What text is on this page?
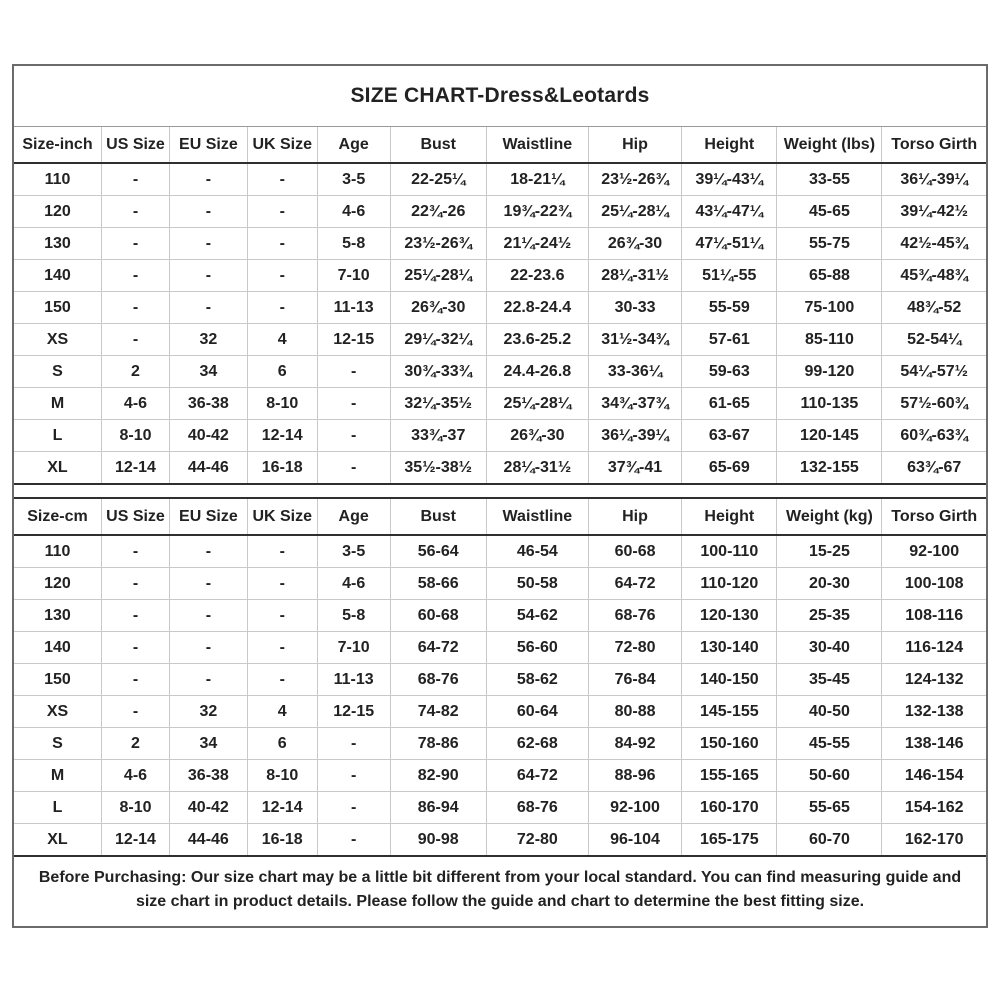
SIZE CHART-Dress&Leotards
Size-inch	US Size	EU Size	UK Size	Age	Bust	Waistline	Hip	Height	Weight (lbs)	Torso Girth
110	-	-	-	3-5	22-25¼	18-21¼	23½-26¾	39¼-43¼	33-55	36¼-39¼
120	-	-	-	4-6	22¾-26	19¾-22¾	25¼-28¼	43¼-47¼	45-65	39¼-42½
130	-	-	-	5-8	23½-26¾	21¼-24½	26¾-30	47¼-51¼	55-75	42½-45¾
140	-	-	-	7-10	25¼-28¼	22-23.6	28¼-31½	51¼-55	65-88	45¾-48¾
150	-	-	-	11-13	26¾-30	22.8-24.4	30-33	55-59	75-100	48¾-52
XS	-	32	4	12-15	29¼-32¼	23.6-25.2	31½-34¾	57-61	85-110	52-54¼
S	2	34	6	-	30¾-33¾	24.4-26.8	33-36¼	59-63	99-120	54¼-57½
M	4-6	36-38	8-10	-	32¼-35½	25¼-28¼	34¾-37¾	61-65	110-135	57½-60¾
L	8-10	40-42	12-14	-	33¾-37	26¾-30	36¼-39¼	63-67	120-145	60¾-63¾
XL	12-14	44-46	16-18	-	35½-38½	28¼-31½	37¾-41	65-69	132-155	63¾-67
Size-cm	US Size	EU Size	UK Size	Age	Bust	Waistline	Hip	Height	Weight (kg)	Torso Girth
110	-	-	-	3-5	56-64	46-54	60-68	100-110	15-25	92-100
120	-	-	-	4-6	58-66	50-58	64-72	110-120	20-30	100-108
130	-	-	-	5-8	60-68	54-62	68-76	120-130	25-35	108-116
140	-	-	-	7-10	64-72	56-60	72-80	130-140	30-40	116-124
150	-	-	-	11-13	68-76	58-62	76-84	140-150	35-45	124-132
XS	-	32	4	12-15	74-82	60-64	80-88	145-155	40-50	132-138
S	2	34	6	-	78-86	62-68	84-92	150-160	45-55	138-146
M	4-6	36-38	8-10	-	82-90	64-72	88-96	155-165	50-60	146-154
L	8-10	40-42	12-14	-	86-94	68-76	92-100	160-170	55-65	154-162
XL	12-14	44-46	16-18	-	90-98	72-80	96-104	165-175	60-70	162-170
Before Purchasing: Our size chart may be a little bit different from your local standard. You can find measuring guide and
size chart in product details. Please follow the guide and chart to determine the best fitting size.
